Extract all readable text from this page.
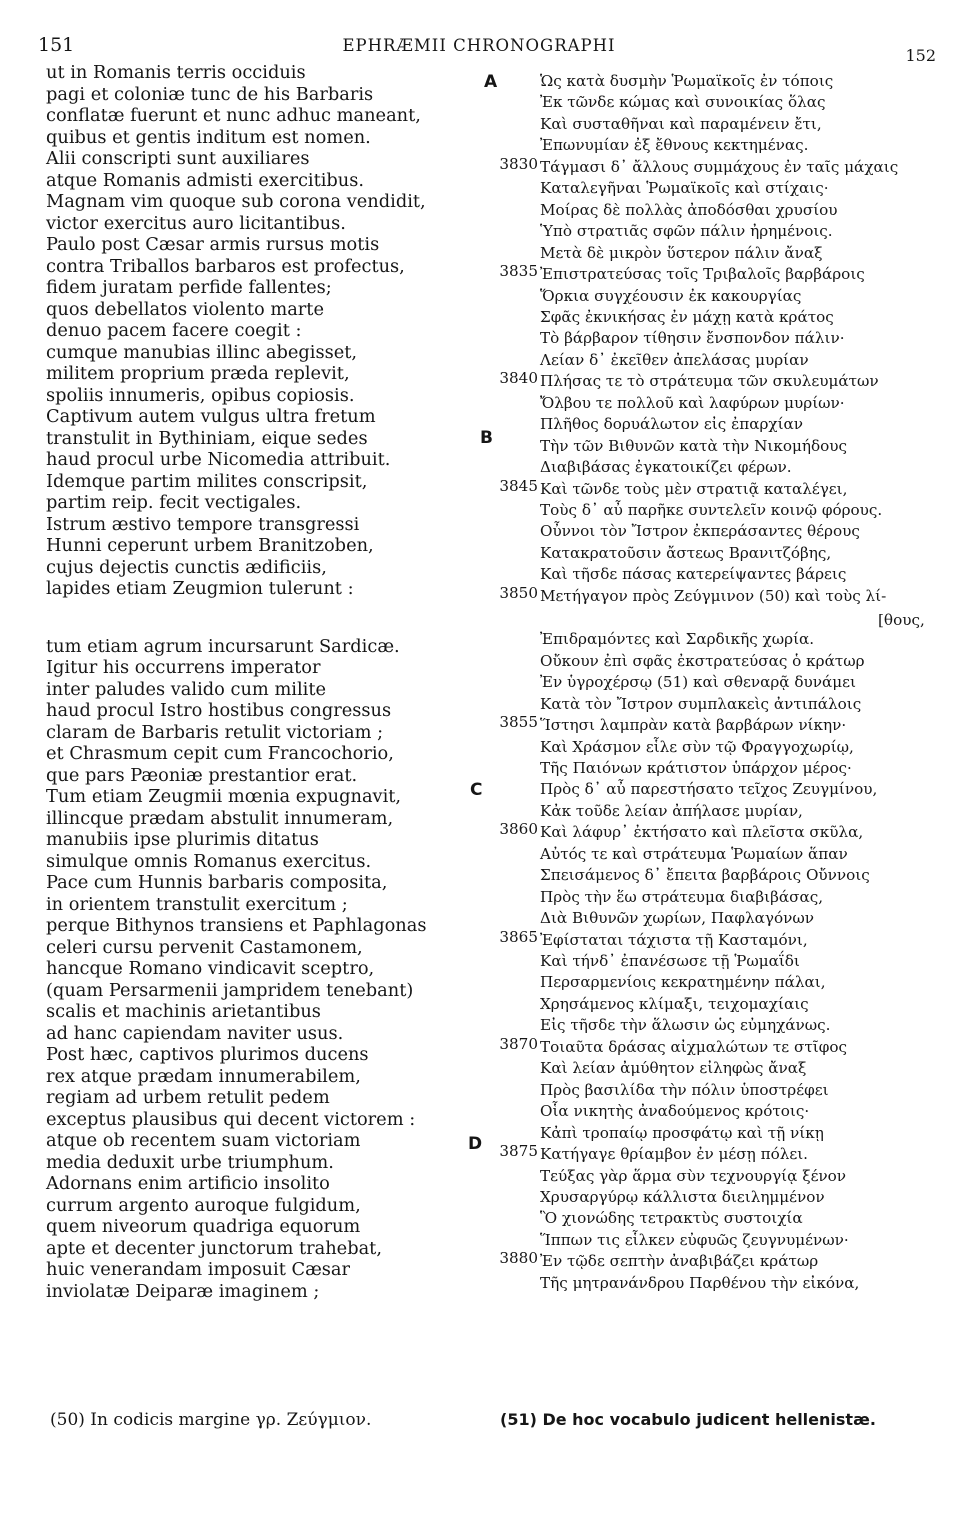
151	EPHRÆMII CHRONOGRAPHI
152
ut in Romanis terris occiduis
pagi et coloniæ tunc de his Barbaris
conflatæ fuerunt et nunc adhuc maneant,
quibus et gentis inditum est nomen.
Alii conscripti sunt auxiliares
atque Romanis admisti exercitibus.
Magnam vim quoque sub corona vendidit,
victor exercitus auro licitantibus.
Paulo post Cæsar armis rursus motis
contra Triballos barbaros est profectus,
fidem juratam perfide fallentes;
quos debellatos violento marte
denuo pacem facere coegit :
cumque manubias illinc abegisset,
militem proprium præda replevit,
spoliis innumeris, opibus copiosis.
Captivum autem vulgus ultra fretum
transtulit in Bythiniam, eique sedes
haud procul urbe Nicomedia attribuit.
Idemque partim milites conscripsit,
partim reip. fecit vectigales.
Istrum æstivo tempore transgressi
Hunni ceperunt urbem Branitzoben,
cujus dejectis cunctis ædificiis,
lapides etiam Zeugmion tulerunt :
tum etiam agrum incursarunt Sardicæ.
Igitur his occurrens imperator
inter paludes valido cum milite
haud procul Istro hostibus congressus
claram de Barbaris retulit victoriam ;
et Chrasmum cepit cum Francochorio,
que pars Pæoniæ prestantior erat.
Tum etiam Zeugmii mœnia expugnavit,
illincque prædam abstulit innumeram,
manubiis ipse plurimis ditatus
simulque omnis Romanus exercitus.
Pace cum Hunnis barbaris composita,
in orientem transtulit exercitum ;
perque Bithynos transiens et Paphlagonas
celeri cursu pervenit Castamonem,
hancque Romano vindicavit sceptro,
(quam Persarmenii jampridem tenebant)
scalis et machinis arietantibus
ad hanc capiendam naviter usus.
Post hæc, captivos plurimos ducens
rex atque prædam innumerabilem,
regiam ad urbem retulit pedem
exceptus plausibus qui decent victorem :
atque ob recentem suam victoriam
media deduxit urbe triumphum.
Adornans enim artificio insolito
currum argento auroque fulgidum,
quem niveorum quadriga equorum
apte et decenter junctorum trahebat,
huic venerandam imposuit Cæsar
inviolatæ Deiparæ imaginem ;
Ὡς κατὰ δυσμὴν Ῥωμαϊκοῖς ἐν τόποις
Ἐκ τῶνδε κώμας καὶ συνοικίας ὅλας
Καὶ συσταθῆναι καὶ παραμένειν ἔτι,
Ἐπωνυμίαν ἐξ ἔθνους κεκτημένας.
Τάγμασι δ᾽ ἄλλους συμμάχους ἐν ταῖς μάχαις
Καταλεγῆναι Ῥωμαϊκοῖς καὶ στίχαις·
Μοίρας δὲ πολλὰς ἀποδόσθαι χρυσίου
Ὑπὸ στρατιᾶς σφῶν πάλιν ἠρημένοις.
Μετὰ δὲ μικρὸν ὕστερον πάλιν ἄναξ
Ἐπιστρατεύσας τοῖς Τριβαλοῖς βαρβάροις
Ὅρκια συγχέουσιν ἐκ κακουργίας
Σφᾶς ἐκνικήσας ἐν μάχῃ κατὰ κράτος
Τὸ βάρβαρον τίθησιν ἔνσπονδον πάλιν·
Λείαν δ᾽ ἐκεῖθεν ἀπελάσας μυρίαν
Πλήσας τε τὸ στράτευμα τῶν σκυλευμάτων
Ὄλβου τε πολλοῦ καὶ λαφύρων μυρίων·
Πλῆθος δορυάλωτον εἰς ἐπαρχίαν
Τὴν τῶν Βιθυνῶν κατὰ τὴν Νικομήδους
Διαβιβάσας ἐγκατοικίζει φέρων.
Καὶ τῶνδε τοὺς μὲν στρατιᾷ καταλέγει,
Τοὺς δ᾽ αὖ παρῆκε συντελεῖν κοινῷ φόρους.
Οὖννοι τὸν Ἴστρον ἐκπεράσαντες θέρους
Κατακρατοῦσιν ἄστεως Βρανιτζόβης,
Καὶ τῆσδε πάσας κατερείψαντες βάρεις
Μετήγαγον πρὸς Ζεύγμινον (50) καὶ τοὺς λί-
Ἐπιδραμόντες καὶ Σαρδικῆς χωρία.
Οὔκουν ἐπὶ σφᾶς ἐκστρατεύσας ὁ κράτωρ
Ἐν ὑγροχέρσῳ (51) καὶ σθεναρᾷ δυνάμει
Κατὰ τὸν Ἴστρον συμπλακεὶς ἀντιπάλοις
Ἵστησι λαμπρὰν κατὰ βαρβάρων νίκην·
Καὶ Χράσμον εἷλε σὺν τῷ Φραγγοχωρίῳ,
Τῆς Παιόνων κράτιστον ὑπάρχον μέρος·
Πρὸς δ᾽ αὖ παρεστήσατο τεῖχος Ζευγμίνου,
Κἀκ τοῦδε λείαν ἀπήλασε μυρίαν,
Καὶ λάφυρ᾽ ἐκτήσατο καὶ πλεῖστα σκῦλα,
Αὐτός τε καὶ στράτευμα Ῥωμαίων ἅπαν
Σπεισάμενος δ᾽ ἔπειτα βαρβάροις Οὔννοις
Πρὸς τὴν ἕω στράτευμα διαβιβάσας,
Διὰ Βιθυνῶν χωρίων, Παφλαγόνων
Ἐφίσταται τάχιστα τῇ Κασταμόνι,
Καὶ τήνδ᾽ ἐπανέσωσε τῇ Ῥωμαΐδι
Περσαρμενίοις κεκρατημένην πάλαι,
Χρησάμενος κλίμαξι, τειχομαχίαις
Εἰς τῆσδε τὴν ἅλωσιν ὡς εὐμηχάνως.
Τοιαῦτα δράσας αἰχμαλώτων τε στῖφος
Καὶ λείαν ἀμύθητον εἰληφὼς ἄναξ
Πρὸς βασιλίδα τὴν πόλιν ὑποστρέφει
Οἷα νικητὴς ἀναδούμενος κρότοις·
Κἀπὶ τροπαίῳ προσφάτῳ καὶ τῇ νίκῃ
Κατήγαγε θρίαμβον ἐν μέσῃ πόλει.
Τεύξας γὰρ ἅρμα σὺν τεχνουργίᾳ ξένον
Χρυσαργύρῳ κάλλιστα διειλημμένον
Ὃ χιονώδης τετρακτὺς συστοιχία
Ἵππων τις εἷλκεν εὐφυῶς ζευγνυμένων·
Ἐν τῷδε σεπτὴν ἀναβιβάζει κράτωρ
Τῆς μητρανάνδρου Παρθένου τὴν εἰκόνα,
3830
3835
3840
3845
3850
3855
3860
3865
3870
3875
3880
[θους,
A
B
C
D
(50) In codicis margine γρ. Ζεύγμιον.	(51) De hoc vocabulo judicent hellenistæ.
